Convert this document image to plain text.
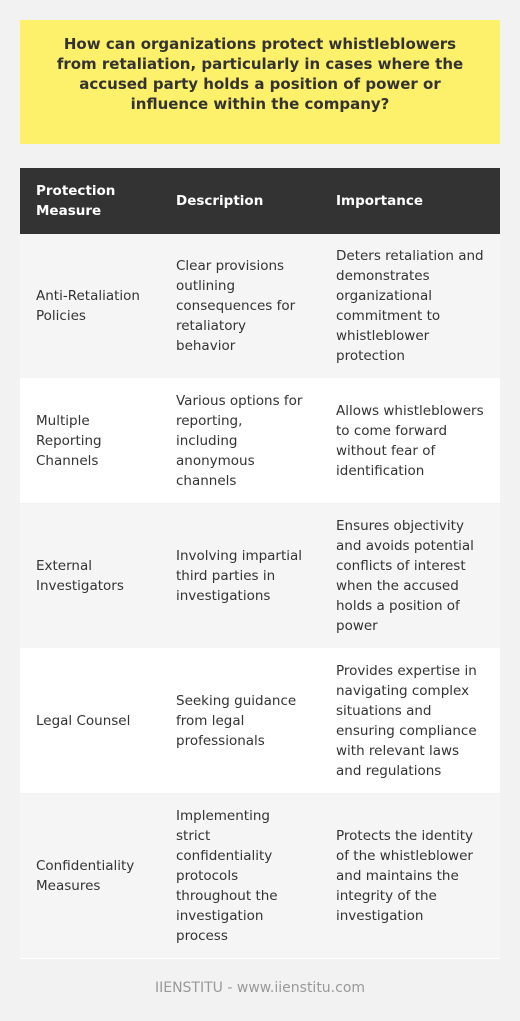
How can organizations protect whistleblowers from retaliation, particularly in cases where the accused party holds a position of power or influence within the company?

Protection Measure	Description	Importance
Anti-Retaliation Policies	Clear provisions outlining consequences for retaliatory behavior	Deters retaliation and demonstrates organizational commitment to whistleblower protection
Multiple Reporting Channels	Various options for reporting, including anonymous channels	Allows whistleblowers to come forward without fear of identification
External Investigators	Involving impartial third parties in investigations	Ensures objectivity and avoids potential conflicts of interest when the accused holds a position of power
Legal Counsel	Seeking guidance from legal professionals	Provides expertise in navigating complex situations and ensuring compliance with relevant laws and regulations
Confidentiality Measures	Implementing strict confidentiality protocols throughout the investigation process	Protects the identity of the whistleblower and maintains the integrity of the investigation
IIENSTITU - www.iienstitu.com
